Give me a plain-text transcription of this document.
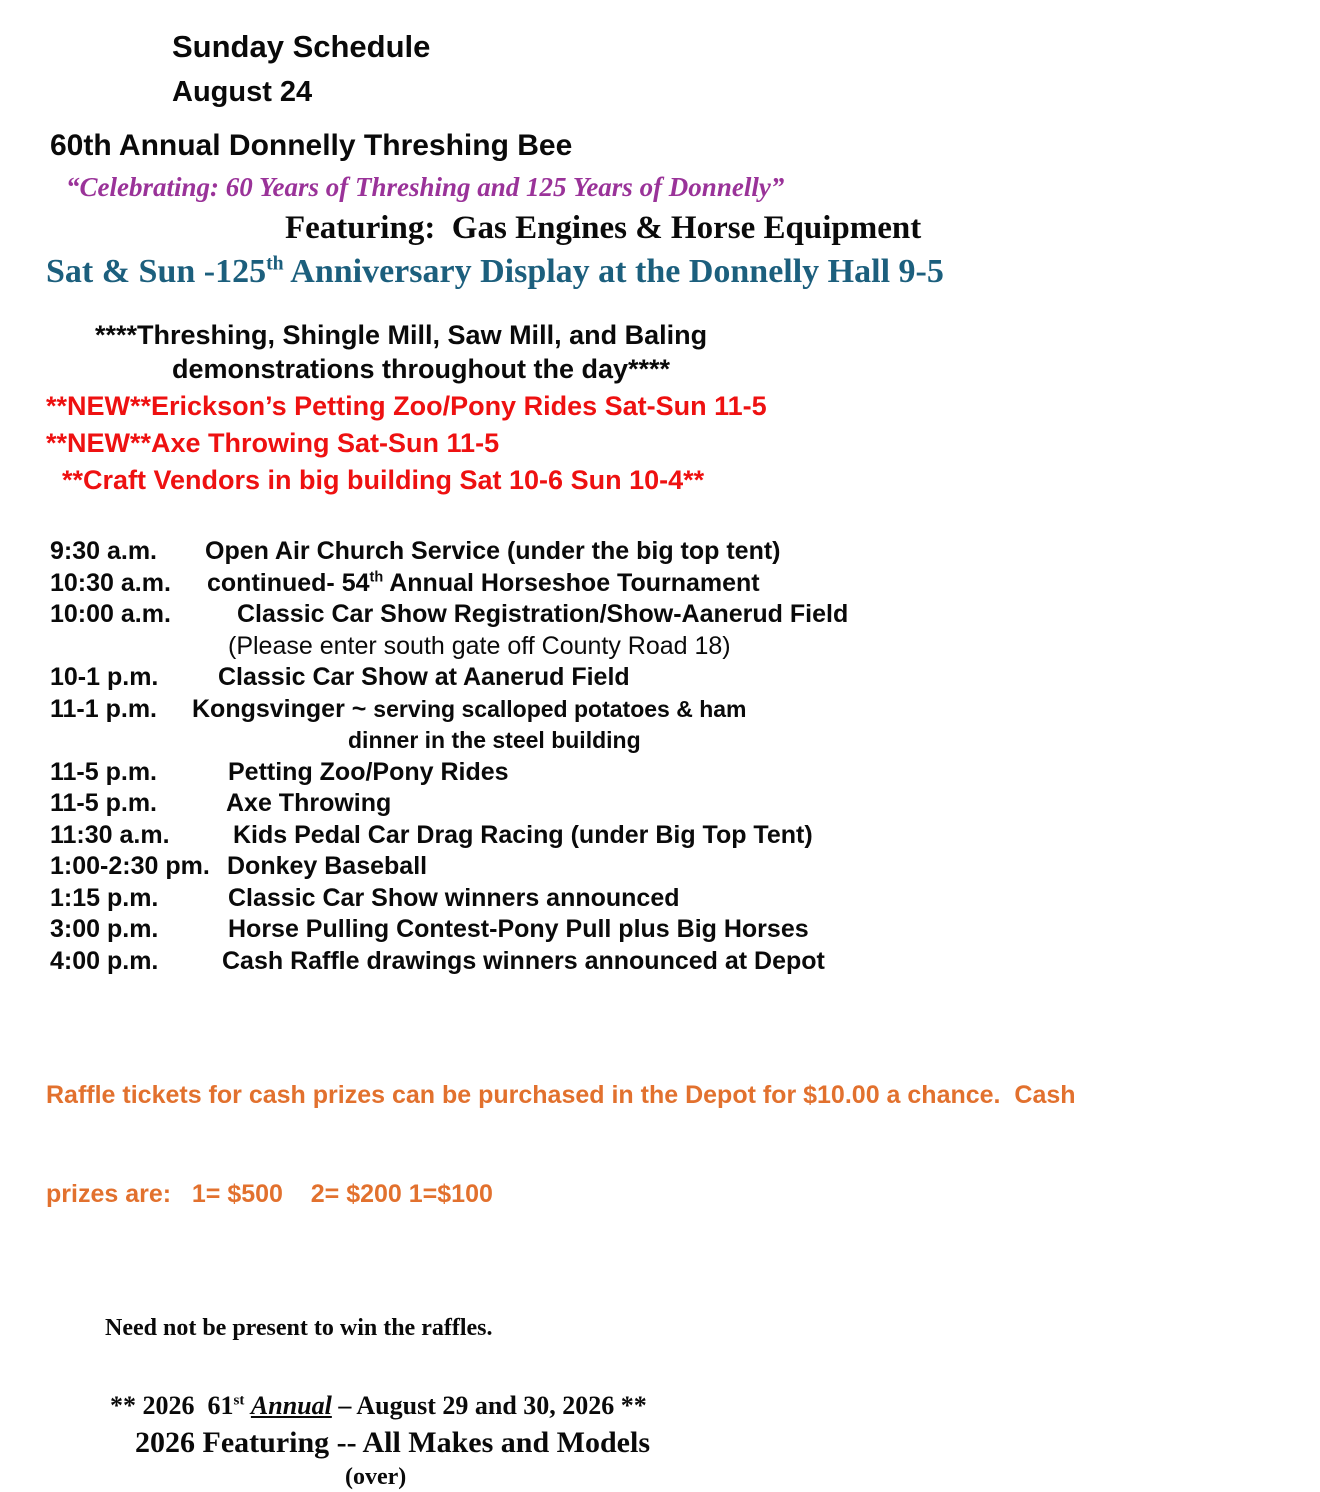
Sunday Schedule
August 24
60th Annual Donnelly Threshing Bee
“Celebrating: 60 Years of Threshing and 125 Years of Donnelly”
Featuring:  Gas Engines & Horse Equipment
Sat & Sun -125th Anniversary Display at the Donnelly Hall 9-5
****Threshing, Shingle Mill, Saw Mill, and Baling
demonstrations throughout the day****
**NEW**Erickson’s Petting Zoo/Pony Rides Sat-Sun 11-5
**NEW**Axe Throwing Sat-Sun 11-5
**Craft Vendors in big building Sat 10-6 Sun 10-4**
9:30 a.m.	Open Air Church Service (under the big top tent)
10:30 a.m.	continued- 54th Annual Horseshoe Tournament
10:00 a.m.	Classic Car Show Registration/Show-Aanerud Field
(Please enter south gate off County Road 18)
10-1 p.m.	Classic Car Show at Aanerud Field
11-1 p.m.	Kongsvinger ~ serving scalloped potatoes & ham
dinner in the steel building
11-5 p.m.	Petting Zoo/Pony Rides
11-5 p.m.	Axe Throwing
11:30 a.m.	Kids Pedal Car Drag Racing (under Big Top Tent)
1:00-2:30 pm. Donkey Baseball
1:15 p.m.	Classic Car Show winners announced
3:00 p.m.	Horse Pulling Contest-Pony Pull plus Big Horses
4:00 p.m.	Cash Raffle drawings winners announced at Depot

Raffle tickets for cash prizes can be purchased in the Depot for $10.00 a chance.  Cash

prizes are:   1= $500    2= $200 1=$100

Need not be present to win the raffles.
** 2026  61st Annual – August 29 and 30, 2026 **
2026 Featuring -- All Makes and Models
(over)
